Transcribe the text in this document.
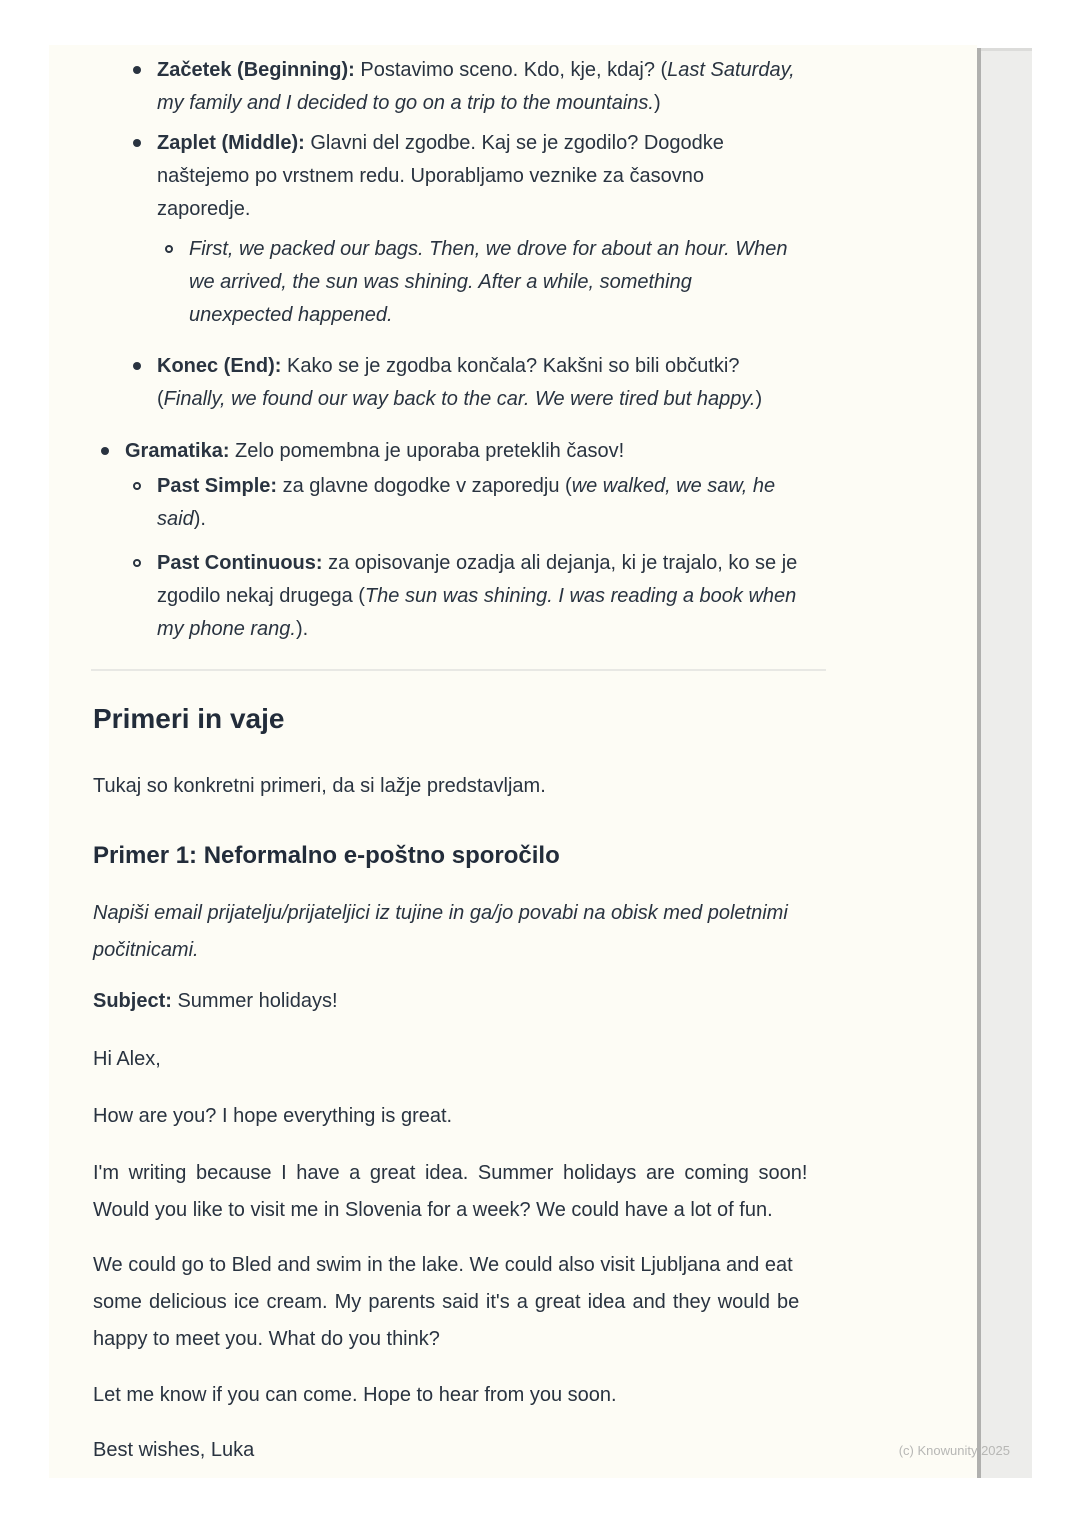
Začetek (Beginning): Postavimo sceno. Kdo, kje, kdaj? (Last Saturday,
my family and I decided to go on a trip to the mountains.)
Zaplet (Middle): Glavni del zgodbe. Kaj se je zgodilo? Dogodke
naštejemo po vrstnem redu. Uporabljamo veznike za časovno
zaporedje.
First, we packed our bags. Then, we drove for about an hour. When
we arrived, the sun was shining. After a while, something
unexpected happened.
Konec (End): Kako se je zgodba končala? Kakšni so bili občutki?
(Finally, we found our way back to the car. We were tired but happy.)
Gramatika: Zelo pomembna je uporaba preteklih časov!
Past Simple: za glavne dogodke v zaporedju (we walked, we saw, he
said).
Past Continuous: za opisovanje ozadja ali dejanja, ki je trajalo, ko se je
zgodilo nekaj drugega (The sun was shining. I was reading a book when
my phone rang.).
Primeri in vaje
Tukaj so konkretni primeri, da si lažje predstavljam.
Primer 1: Neformalno e-poštno sporočilo
Napiši email prijatelju/prijateljici iz tujine in ga/jo povabi na obisk med poletnimi
počitnicami.
Subject: Summer holidays!
Hi Alex,
How are you? I hope everything is great.
I'm writing because I have a great idea. Summer holidays are coming soon!
Would you like to visit me in Slovenia for a week? We could have a lot of fun.
We could go to Bled and swim in the lake. We could also visit Ljubljana and eat
some delicious ice cream. My parents said it's a great idea and they would be
happy to meet you. What do you think?
Let me know if you can come. Hope to hear from you soon.
Best wishes, Luka	(c) Knowunity 2025
